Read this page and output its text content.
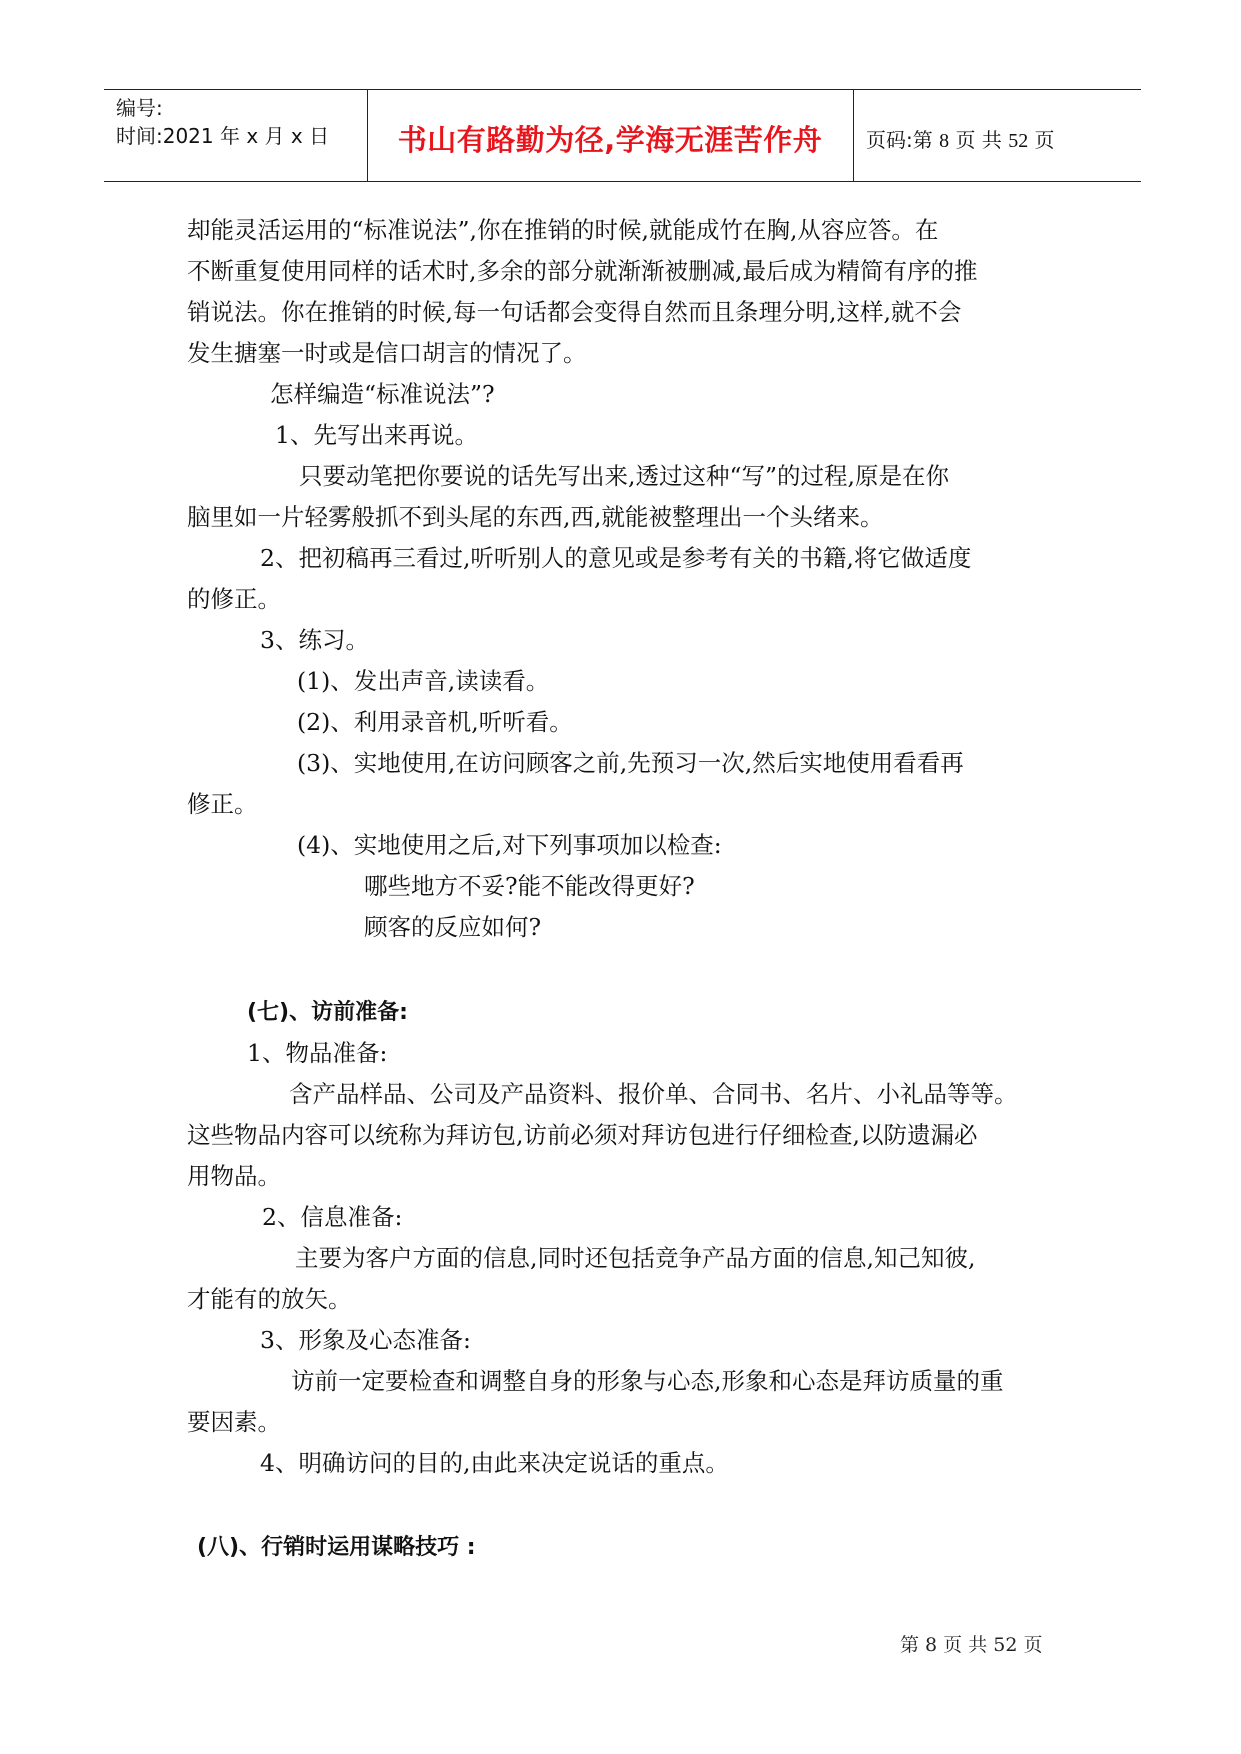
编号:
时间:2021 年 x 月 x 日	书山有路勤为径,学海无涯苦作舟	页码:第 8 页 共 52 页
却能灵活运用的“标准说法”,你在推销的时候,就能成竹在胸,从容应答。在
不断重复使用同样的话术时,多余的部分就渐渐被删减,最后成为精简有序的推
销说法。你在推销的时候,每一句话都会变得自然而且条理分明,这样,就不会
发生搪塞一时或是信口胡言的情况了。
怎样编造“标准说法”?
1、先写出来再说。
只要动笔把你要说的话先写出来,透过这种“写”的过程,原是在你
脑里如一片轻雾般抓不到头尾的东西,西,就能被整理出一个头绪来。
2、把初稿再三看过,听听别人的意见或是参考有关的书籍,将它做适度
的修正。
3、练习。
(1)、发出声音,读读看。
(2)、利用录音机,听听看。
(3)、实地使用,在访问顾客之前,先预习一次,然后实地使用看看再
修正。
(4)、实地使用之后,对下列事项加以检查:
哪些地方不妥?能不能改得更好?
顾客的反应如何?
(七)、访前准备:
1、物品准备:
含产品样品、公司及产品资料、报价单、合同书、名片、小礼品等等。
这些物品内容可以统称为拜访包,访前必须对拜访包进行仔细检查,以防遗漏必
用物品。
2、信息准备:
主要为客户方面的信息,同时还包括竞争产品方面的信息,知己知彼,
才能有的放矢。
3、形象及心态准备:
访前一定要检查和调整自身的形象与心态,形象和心态是拜访质量的重
要因素。
4、明确访问的目的,由此来决定说话的重点。
(八)、行销时运用谋略技巧 :
第 8 页 共 52 页
